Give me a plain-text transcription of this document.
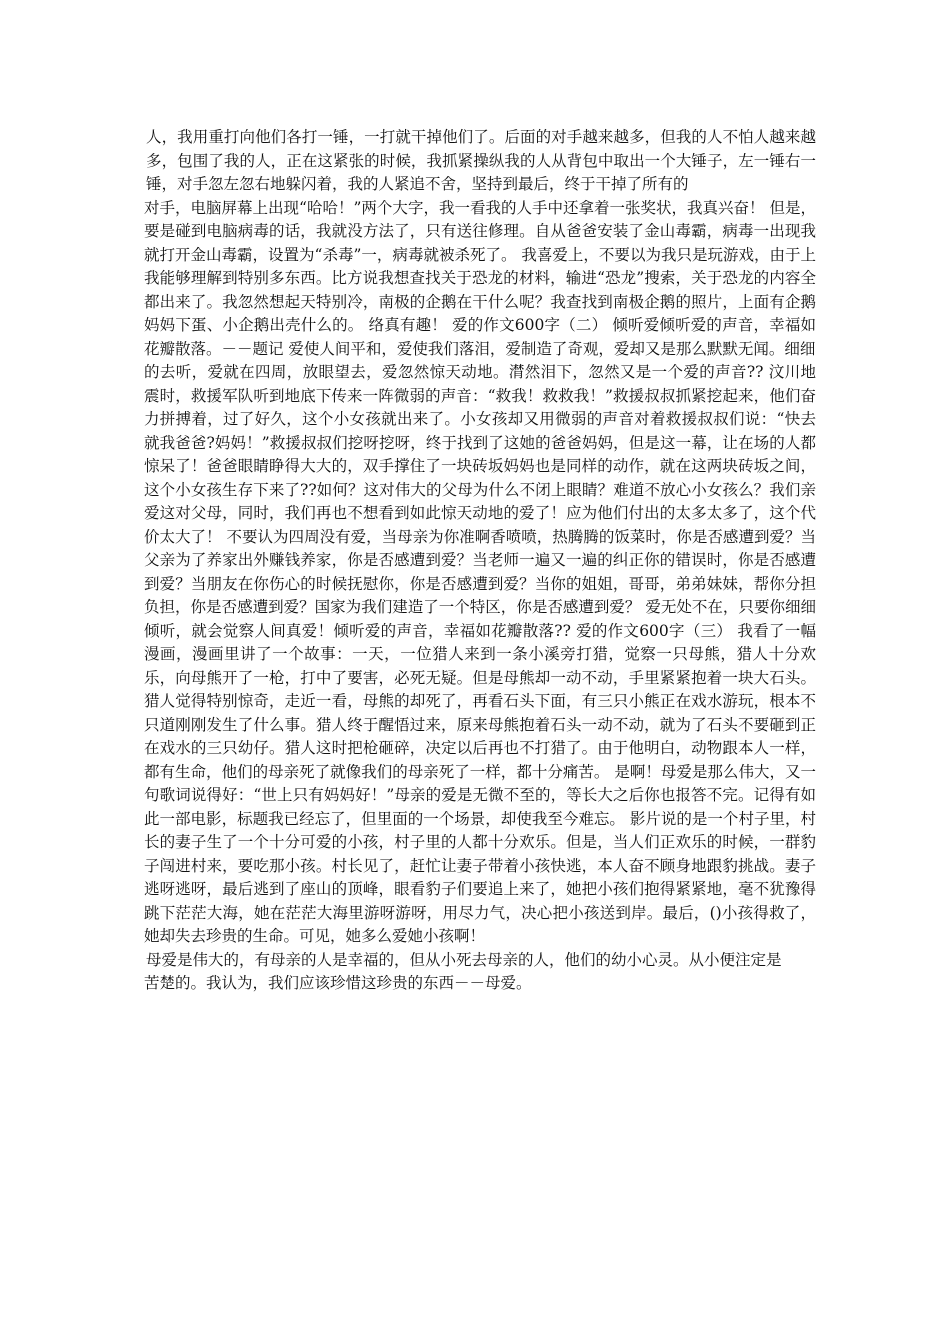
人，我用重打向他们各打一锤，一打就干掉他们了。后面的对手越来越多，但我的人不怕人越来越多，包围了我的人，正在这紧张的时候，我抓紧操纵我的人从背包中取出一个大锤子，左一锤右一锤，对手忽左忽右地躲闪着，我的人紧追不舍，坚持到最后，终于干掉了所有的

对手，电脑屏幕上出现“哈哈！”两个大字，我一看我的人手中还拿着一张奖状，我真兴奋！ 但是，要是碰到电脑病毒的话，我就没方法了，只有送往修理。自从爸爸安装了金山毒霸，病毒一出现我就打开金山毒霸，设置为“杀毒”一，病毒就被杀死了。 我喜爱上，不要以为我只是玩游戏，由于上我能够理解到特别多东西。比方说我想查找关于恐龙的材料，输进“恐龙”搜索，关于恐龙的内容全都出来了。我忽然想起天特别冷，南极的企鹅在干什么呢？我查找到南极企鹅的照片，上面有企鹅妈妈下蛋、小企鹅出壳什么的。 络真有趣！ 爱的作文600字（二） 倾听爱倾听爱的声音，幸福如花瓣散落。－－题记 爱使人间平和，爱使我们落泪，爱制造了奇观，爱却又是那么默默无闻。细细

的去听，爱就在四周，放眼望去，爱忽然惊天动地。潸然泪下，忽然又是一个爱的声音?? 汶川地震时，救援军队听到地底下传来一阵微弱的声音：“救我！救救我！”救援叔叔抓紧挖起来，他们奋力拼搏着，过了好久，这个小女孩就出来了。小女孩却又用微弱的声音对着救援叔叔们说：“快去就我爸爸?妈妈！”救援叔叔们挖呀挖呀，终于找到了这她的爸爸妈妈，但是这一幕，让在场的人都惊呆了！爸爸眼睛睁得大大的，双手撑住了一块砖坂妈妈也是同样的动作，就在这两块砖坂之间，这个小女孩生存下来了??如何？这对伟大的父母为什么不闭上眼睛？难道不放心小女孩么？我们亲爱这对父母，同时，我们再也不想看到如此惊天动地的爱了！应为他们付出的太多太多了，这个代价太大了！ 不要认为四周没有爱，当母亲为你准啊香喷喷，热腾腾的饭菜时，你是否感遭到爱？当父亲为了养家出外赚钱养家，你是否感遭到爱？当老师一遍又一遍的纠正你的错误时，你是否感遭到爱？当朋友在你伤心的时候抚慰你，你是否感遭到爱？当你的姐姐，哥哥，弟弟妹妹，帮你分担负担，你是否感遭到爱？国家为我们建造了一个特区，你是否感遭到爱？ 爱无处不在，只要你细细倾听，就会觉察人间真爱！倾听爱的声音，幸福如花瓣散落?? 爱的作文600字（三） 我看了一幅漫画，漫画里讲了一个故事：一天，一位猎人来到一条小溪旁打猎，觉察一只母熊，猎人十分欢乐，向母熊开了一枪，打中了要害，必死无疑。但是母熊却一动不动，手里紧紧抱着一块大石头。猎人觉得特别惊奇，走近一看，母熊的却死了，再看石头下面，有三只小熊正在戏水游玩，根本不只道刚刚发生了什么事。猎人终于醒悟过来，原来母熊抱着石头一动不动，就为了石头不要砸到正在戏水的三只幼仔。猎人这时把枪砸碎，决定以后再也不打猎了。由于他明白，动物跟本人一样，都有生命，他们的母亲死了就像我们的母亲死了一样，都十分痛苦。 是啊！母爱是那么伟大，又一句歌词说得好：“世上只有妈妈好！”母亲的爱是无微不至的，等长大之后你也报答不完。记得有如此一部电影，标题我已经忘了，但里面的一个场景，却使我至今难忘。 影片说的是一个村子里，村长的妻子生了一个十分可爱的小孩，村子里的人都十分欢乐。但是，当人们正欢乐的时候，一群豹子闯进村来，要吃那小孩。村长见了，赶忙让妻子带着小孩快逃，本人奋不顾身地跟豹挑战。妻子逃呀逃呀，最后逃到了座山的顶峰，眼看豹子们要追上来了，她把小孩们抱得紧紧地，毫不犹豫得跳下茫茫大海，她在茫茫大海里游呀游呀，用尽力气，决心把小孩送到岸。最后，()小孩得救了，她却失去珍贵的生命。可见，她多么爱她小孩啊！

母爱是伟大的，有母亲的人是幸福的，但从小死去母亲的人，他们的幼小心灵。从小便注定是

苦楚的。我认为，我们应该珍惜这珍贵的东西－－母爱。
